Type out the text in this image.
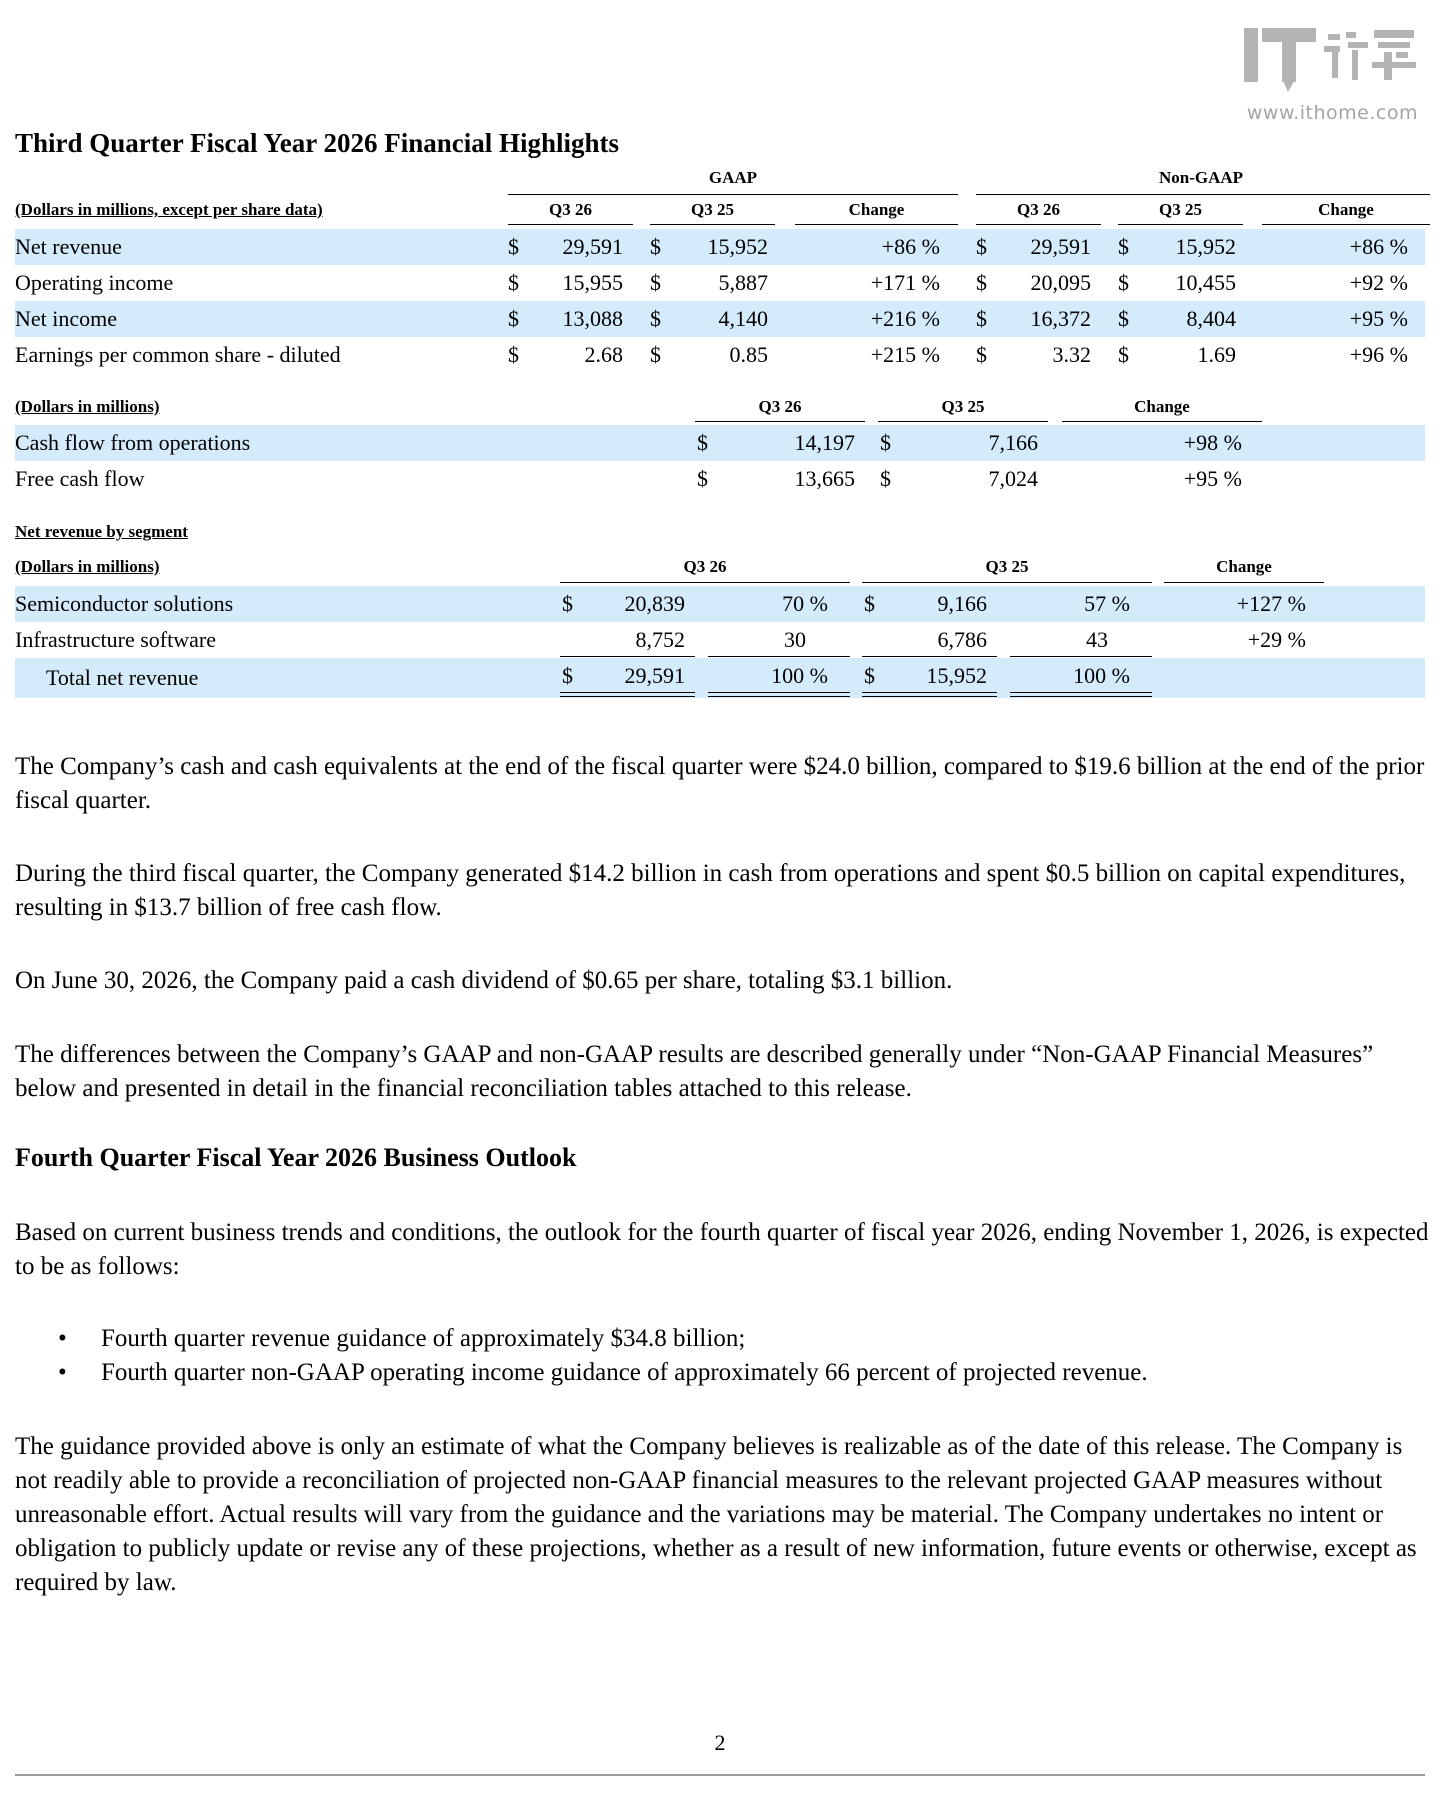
www.ithome.com
Third Quarter Fiscal Year 2026 Financial Highlights
GAAP	Non-GAAP
(Dollars in millions, except per share data)	Q3 26	Q3 25	Change	Q3 26	Q3 25	Change
Net revenue	$	29,591 $	15,952	+86 % $	29,591 $	15,952	+86 %
Operating income	$	15,955 $	5,887	+171 % $	20,095 $	10,455	+92 %
Net income	$	13,088 $	4,140	+216 % $	16,372 $	8,404	+95 %
Earnings per common share - diluted	$	2.68 $	0.85	+215 % $	3.32 $	1.69	+96 %
(Dollars in millions)	Q3 26	Q3 25	Change
Cash flow from operations	$	14,197 $	7,166	+98 %
Free cash flow	$	13,665 $	7,024	+95 %
Net revenue by segment
(Dollars in millions)	Q3 26	Q3 25	Change
Semiconductor solutions	$	20,839	70 % $	9,166	57 %	+127 %
Infrastructure software	8,752	30	6,786	43	+29 %
Total net revenue	$	29,591	100 % $	15,952	100 %
The Company’s cash and cash equivalents at the end of the fiscal quarter were $24.0 billion, compared to $19.6 billion at the end of the prior fiscal quarter.
During the third fiscal quarter, the Company generated $14.2 billion in cash from operations and spent $0.5 billion on capital expenditures, resulting in $13.7 billion of free cash flow.
On June 30, 2026, the Company paid a cash dividend of $0.65 per share, totaling $3.1 billion.
The differences between the Company’s GAAP and non-GAAP results are described generally under “Non-GAAP Financial Measures” below and presented in detail in the financial reconciliation tables attached to this release.
Fourth Quarter Fiscal Year 2026 Business Outlook
Based on current business trends and conditions, the outlook for the fourth quarter of fiscal year 2026, ending November 1, 2026, is expected to be as follows:
• Fourth quarter revenue guidance of approximately $34.8 billion;
• Fourth quarter non-GAAP operating income guidance of approximately 66 percent of projected revenue.
The guidance provided above is only an estimate of what the Company believes is realizable as of the date of this release. The Company is not readily able to provide a reconciliation of projected non-GAAP financial measures to the relevant projected GAAP measures without unreasonable effort. Actual results will vary from the guidance and the variations may be material. The Company undertakes no intent or obligation to publicly update or revise any of these projections, whether as a result of new information, future events or otherwise, except as required by law.
2
